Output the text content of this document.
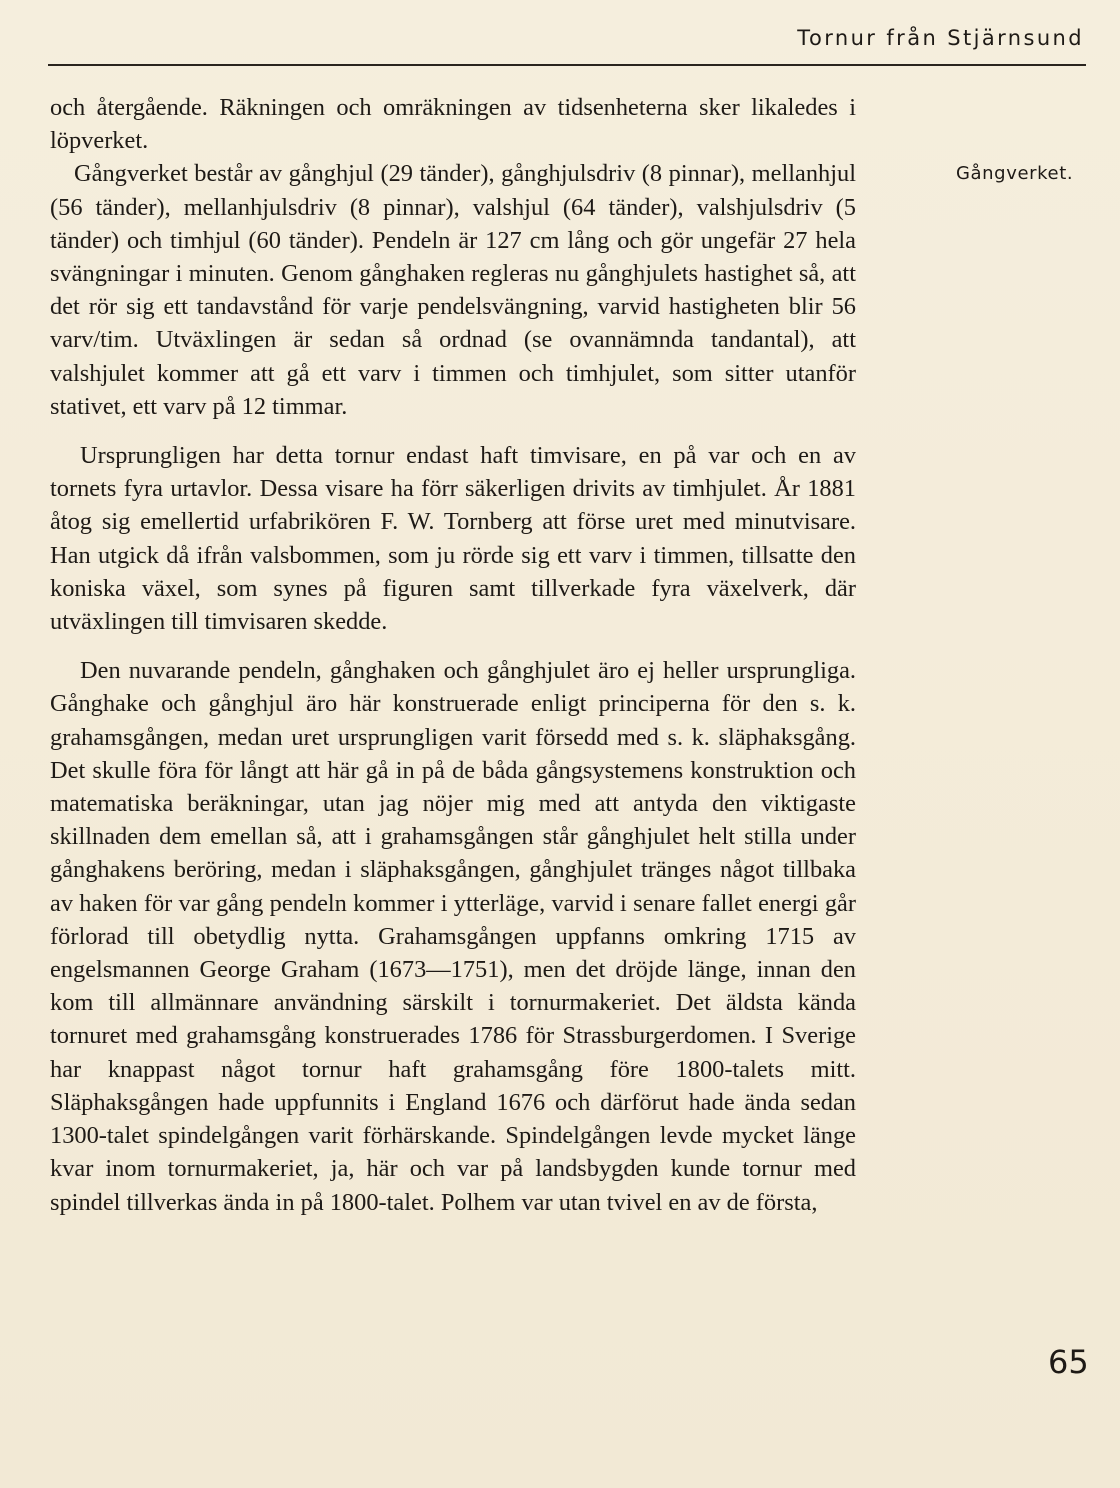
Tornur från Stjärnsund

och återgående. Räkningen och omräkningen av tidsenheterna sker likaledes i löpverket.

Gångverket består av gånghjul (29 tänder), gånghjulsdriv (8 pinnar), mellanhjul (56 tänder), mellanhjulsdriv (8 pinnar), valshjul (64 tänder), valshjulsdriv (5 tänder) och timhjul (60 tänder). Pendeln är 127 cm lång och gör ungefär 27 hela svängningar i minuten. Genom gånghaken regleras nu gånghjulets hastighet så, att det rör sig ett tandavstånd för varje pendelsvängning, varvid hastigheten blir 56 varv/tim. Utväxlingen är sedan så ordnad (se ovannämnda tandantal), att valshjulet kommer att gå ett varv i timmen och timhjulet, som sitter utanför stativet, ett varv på 12 timmar.

Ursprungligen har detta tornur endast haft timvisare, en på var och en av tornets fyra urtavlor. Dessa visare ha förr säkerligen drivits av timhjulet. År 1881 åtog sig emellertid urfabrikören F. W. Tornberg att förse uret med minutvisare. Han utgick då ifrån valsbommen, som ju rörde sig ett varv i timmen, tillsatte den koniska växel, som synes på figuren samt tillverkade fyra växelverk, där utväxlingen till timvisaren skedde.

Den nuvarande pendeln, gånghaken och gånghjulet äro ej heller ursprungliga. Gånghake och gånghjul äro här konstruerade enligt principerna för den s. k. grahamsgången, medan uret ursprungligen varit försedd med s. k. släphaksgång. Det skulle föra för långt att här gå in på de båda gångsystemens konstruktion och matematiska beräkningar, utan jag nöjer mig med att antyda den viktigaste skillnaden dem emellan så, att i grahamsgången står gånghjulet helt stilla under gånghakens beröring, medan i släphaksgången, gånghjulet tränges något tillbaka av haken för var gång pendeln kommer i ytterläge, varvid i senare fallet energi går förlorad till obetydlig nytta. Grahamsgången uppfanns omkring 1715 av engelsmannen George Graham (1673—1751), men det dröjde länge, innan den kom till allmännare användning särskilt i tornurmakeriet. Det äldsta kända tornuret med grahamsgång konstruerades 1786 för Strassburgerdomen. I Sverige har knappast något tornur haft grahamsgång före 1800-talets mitt. Släphaksgången hade uppfunnits i England 1676 och därförut hade ända sedan 1300-talet spindelgången varit förhärskande. Spindelgången levde mycket länge kvar inom tornurmakeriet, ja, här och var på landsbygden kunde tornur med spindel tillverkas ända in på 1800-talet. Polhem var utan tvivel en av de första,

Gångverket.
65
